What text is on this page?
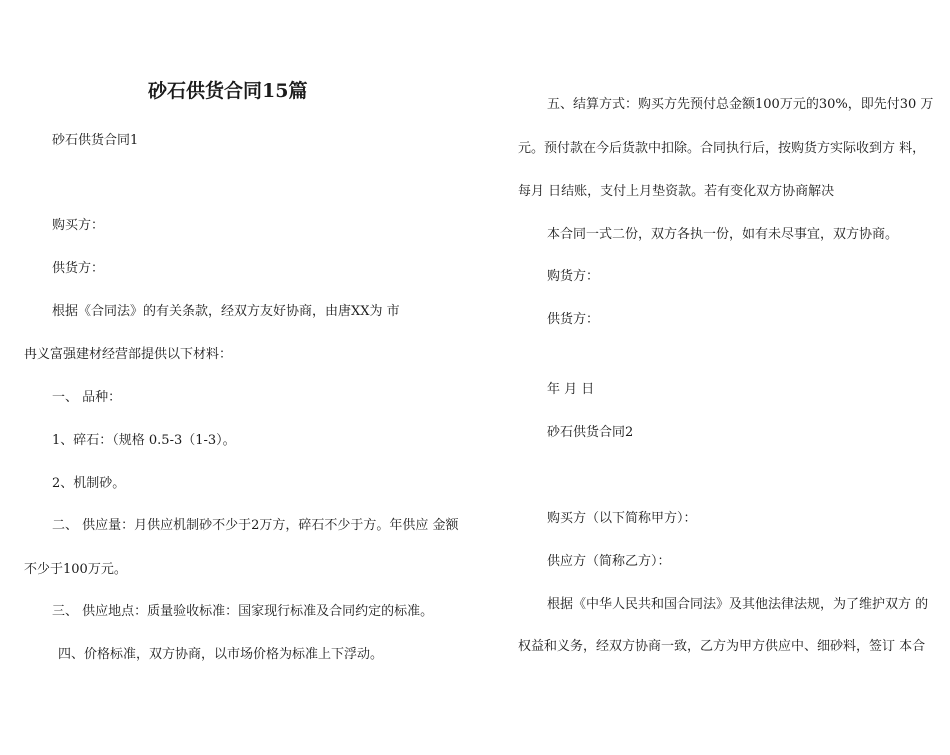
砂石供货合同15篇
砂石供货合同1
购买方：
供货方：
根据《合同法》的有关条款，经双方友好协商，由唐XX为 市
冉义富强建材经营部提供以下材料：
一、 品种：
1、碎石：（规格 0.5-3（1-3）。
2、机制砂。
二、 供应量：月供应机制砂不少于2万方，碎石不少于方。年供应 金额
不少于100万元。
三、 供应地点：质量验收标准：国家现行标准及合同约定的标准。
四、价格标准，双方协商，以市场价格为标准上下浮动。
五、结算方式：购买方先预付总金额100万元的30%，即先付30 万
元。预付款在今后货款中扣除。合同执行后，按购货方实际收到方 料，
每月 日结账，支付上月垫资款。若有变化双方协商解决
本合同一式二份，双方各执一份，如有未尽事宜，双方协商。
购货方：
供货方：
年 月 日
砂石供货合同2
购买方（以下简称甲方）：
供应方（简称乙方）：
根据《中华人民共和国合同法》及其他法律法规，为了维护双方 的
权益和义务，经双方协商一致，乙方为甲方供应中、细砂料，签订 本合
